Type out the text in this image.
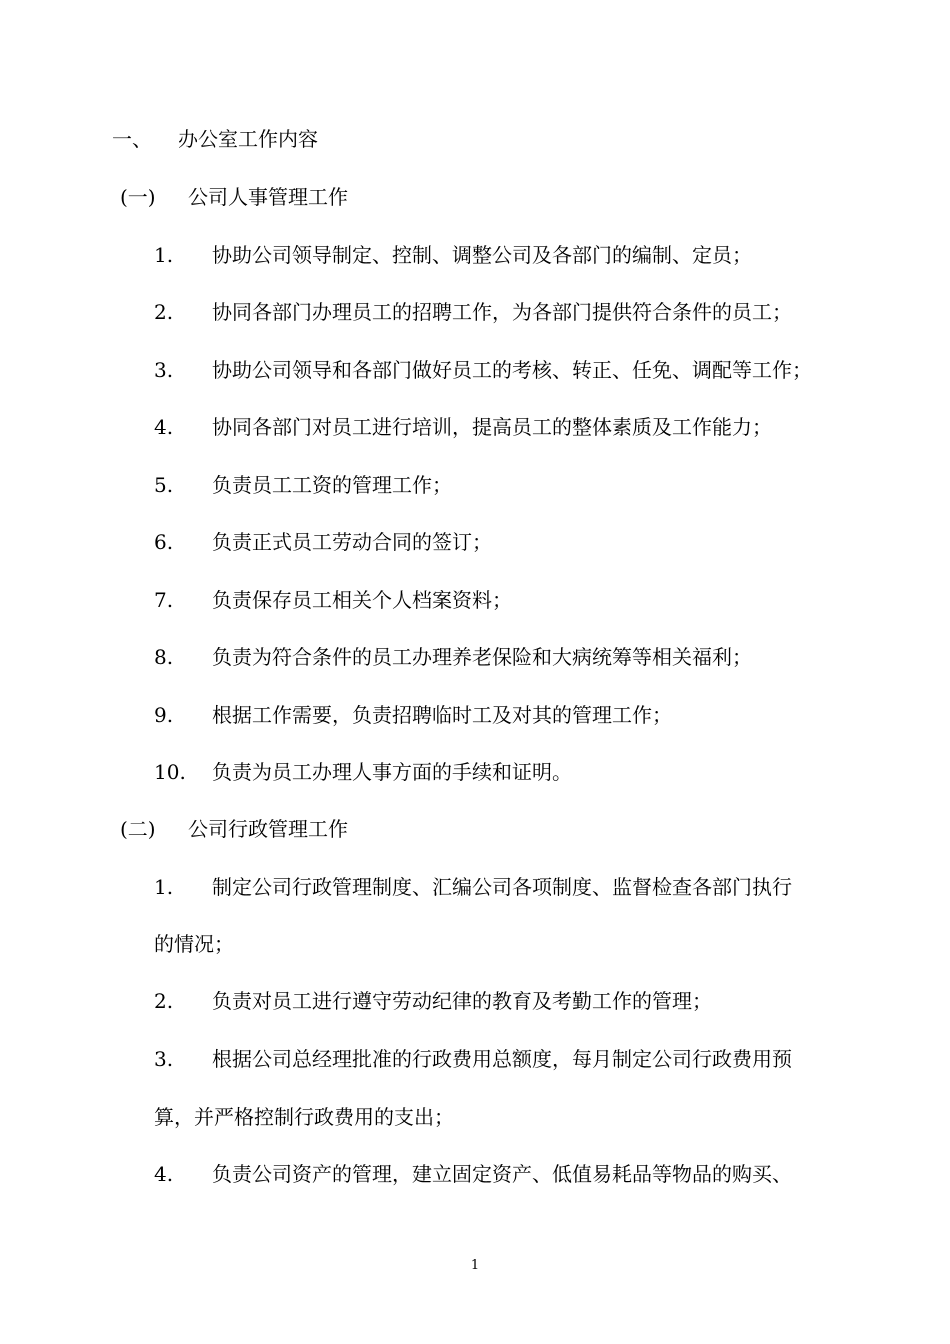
一、 办公室工作内容
(一) 公司人事管理工作
1. 协助公司领导制定、控制、调整公司及各部门的编制、定员；
2. 协同各部门办理员工的招聘工作，为各部门提供符合条件的员工；
3. 协助公司领导和各部门做好员工的考核、转正、任免、调配等工作；
4. 协同各部门对员工进行培训，提高员工的整体素质及工作能力；
5. 负责员工工资的管理工作；
6. 负责正式员工劳动合同的签订；
7. 负责保存员工相关个人档案资料；
8. 负责为符合条件的员工办理养老保险和大病统筹等相关福利；
9. 根据工作需要，负责招聘临时工及对其的管理工作；
10. 负责为员工办理人事方面的手续和证明。
(二) 公司行政管理工作
1. 制定公司行政管理制度、汇编公司各项制度、监督检查各部门执行
的情况；
2. 负责对员工进行遵守劳动纪律的教育及考勤工作的管理；
3. 根据公司总经理批准的行政费用总额度，每月制定公司行政费用预
算，并严格控制行政费用的支出；
4. 负责公司资产的管理，建立固定资产、低值易耗品等物品的购买、
1
